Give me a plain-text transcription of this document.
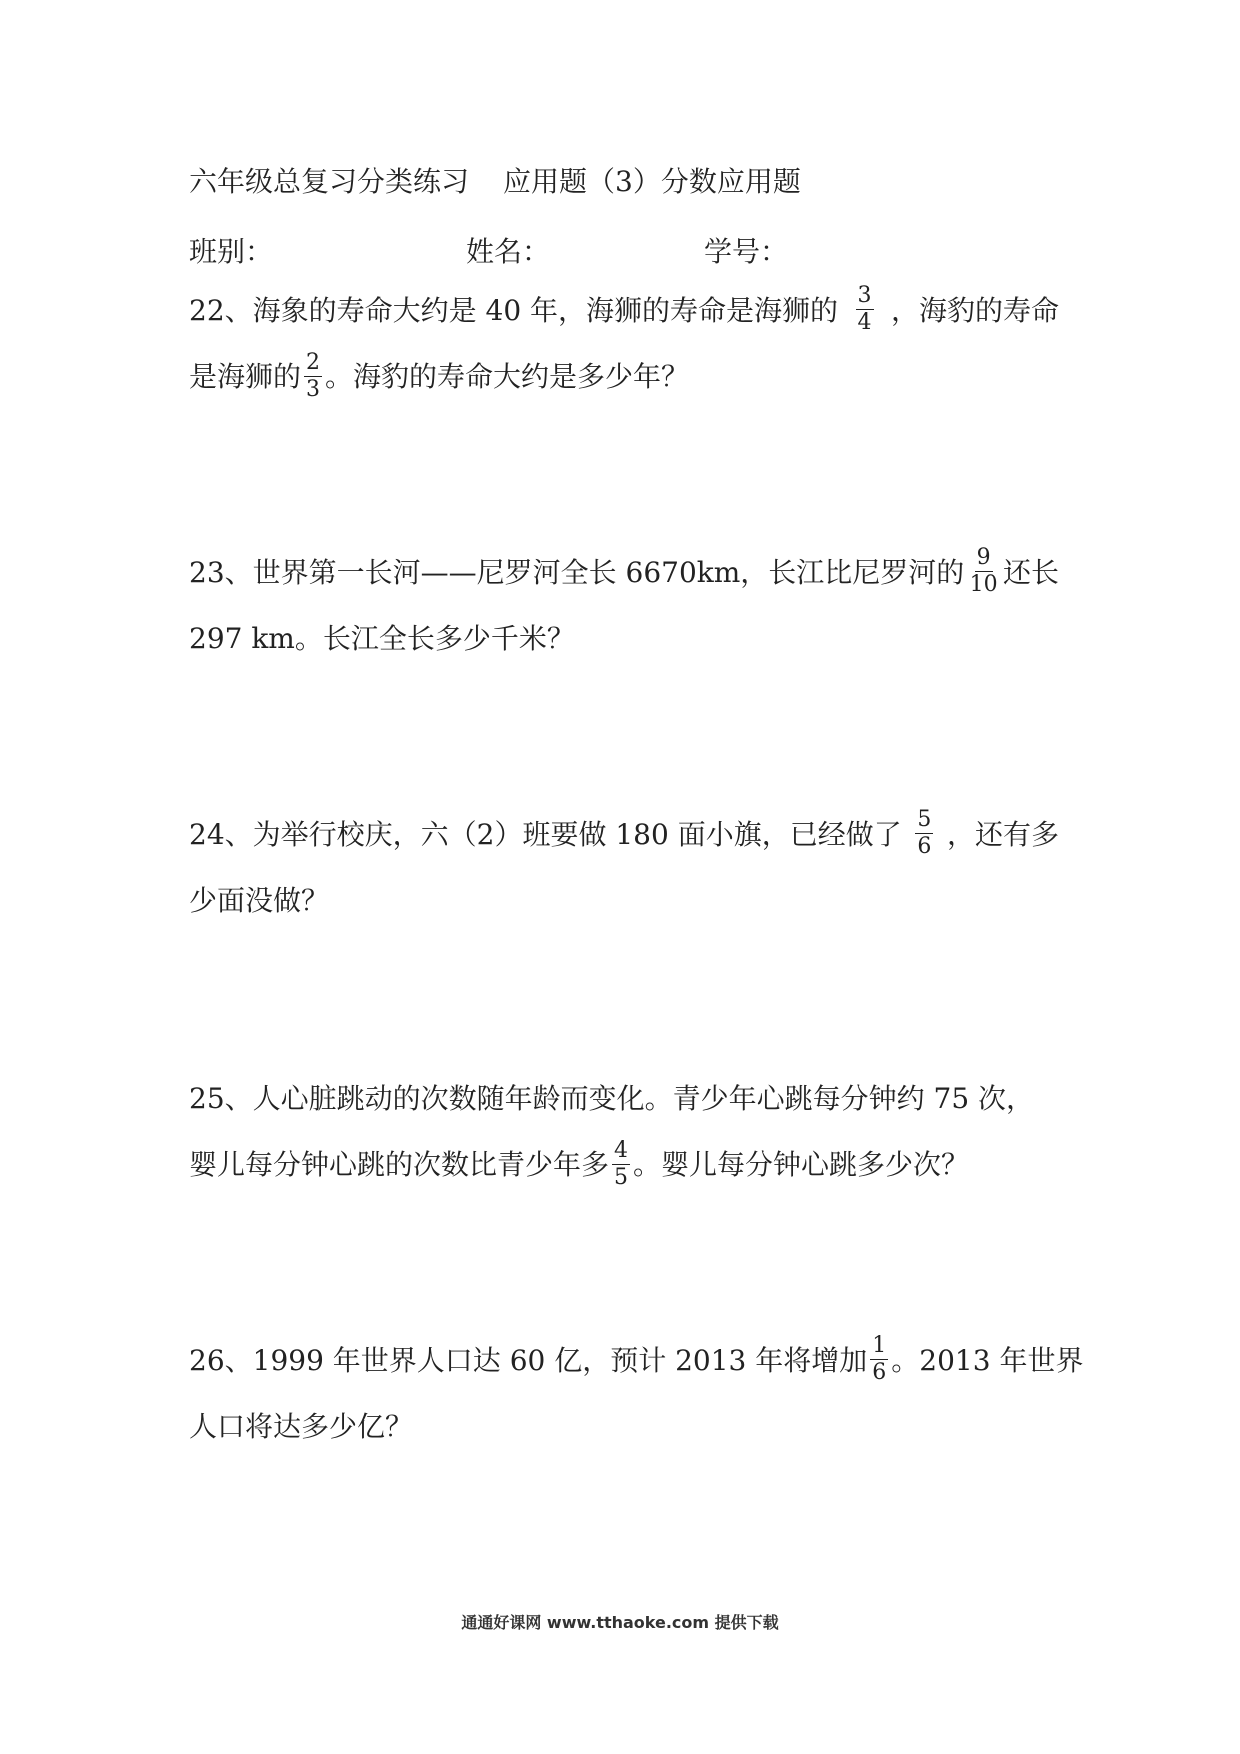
六年级总复习分类练习 应用题（3）分数应用题
班别：	姓名：	学号：
22、海象的寿命大约是 40 年，海狮的寿命是海狮的 $\frac{3}{4}$ ，海豹的寿命
是海狮的 $\frac{2}{3}$ 。海豹的寿命大约是多少年？
23、世界第一长河——尼罗河全长 6670km，长江比尼罗河的 $\frac{9}{10}$ 还长
297 km。长江全长多少千米？
24、为举行校庆，六（2）班要做 180 面小旗，已经做了 $\frac{5}{6}$ ，还有多
少面没做？
25、人心脏跳动的次数随年龄而变化。青少年心跳每分钟约 75 次，
婴儿每分钟心跳的次数比青少年多 $\frac{4}{5}$ 。婴儿每分钟心跳多少次？
26、1999 年世界人口达 60 亿，预计 2013 年将增加 $\frac{1}{6}$ 。2013 年世界
人口将达多少亿？
通通好课网 www.tthaoke.com 提供下载
